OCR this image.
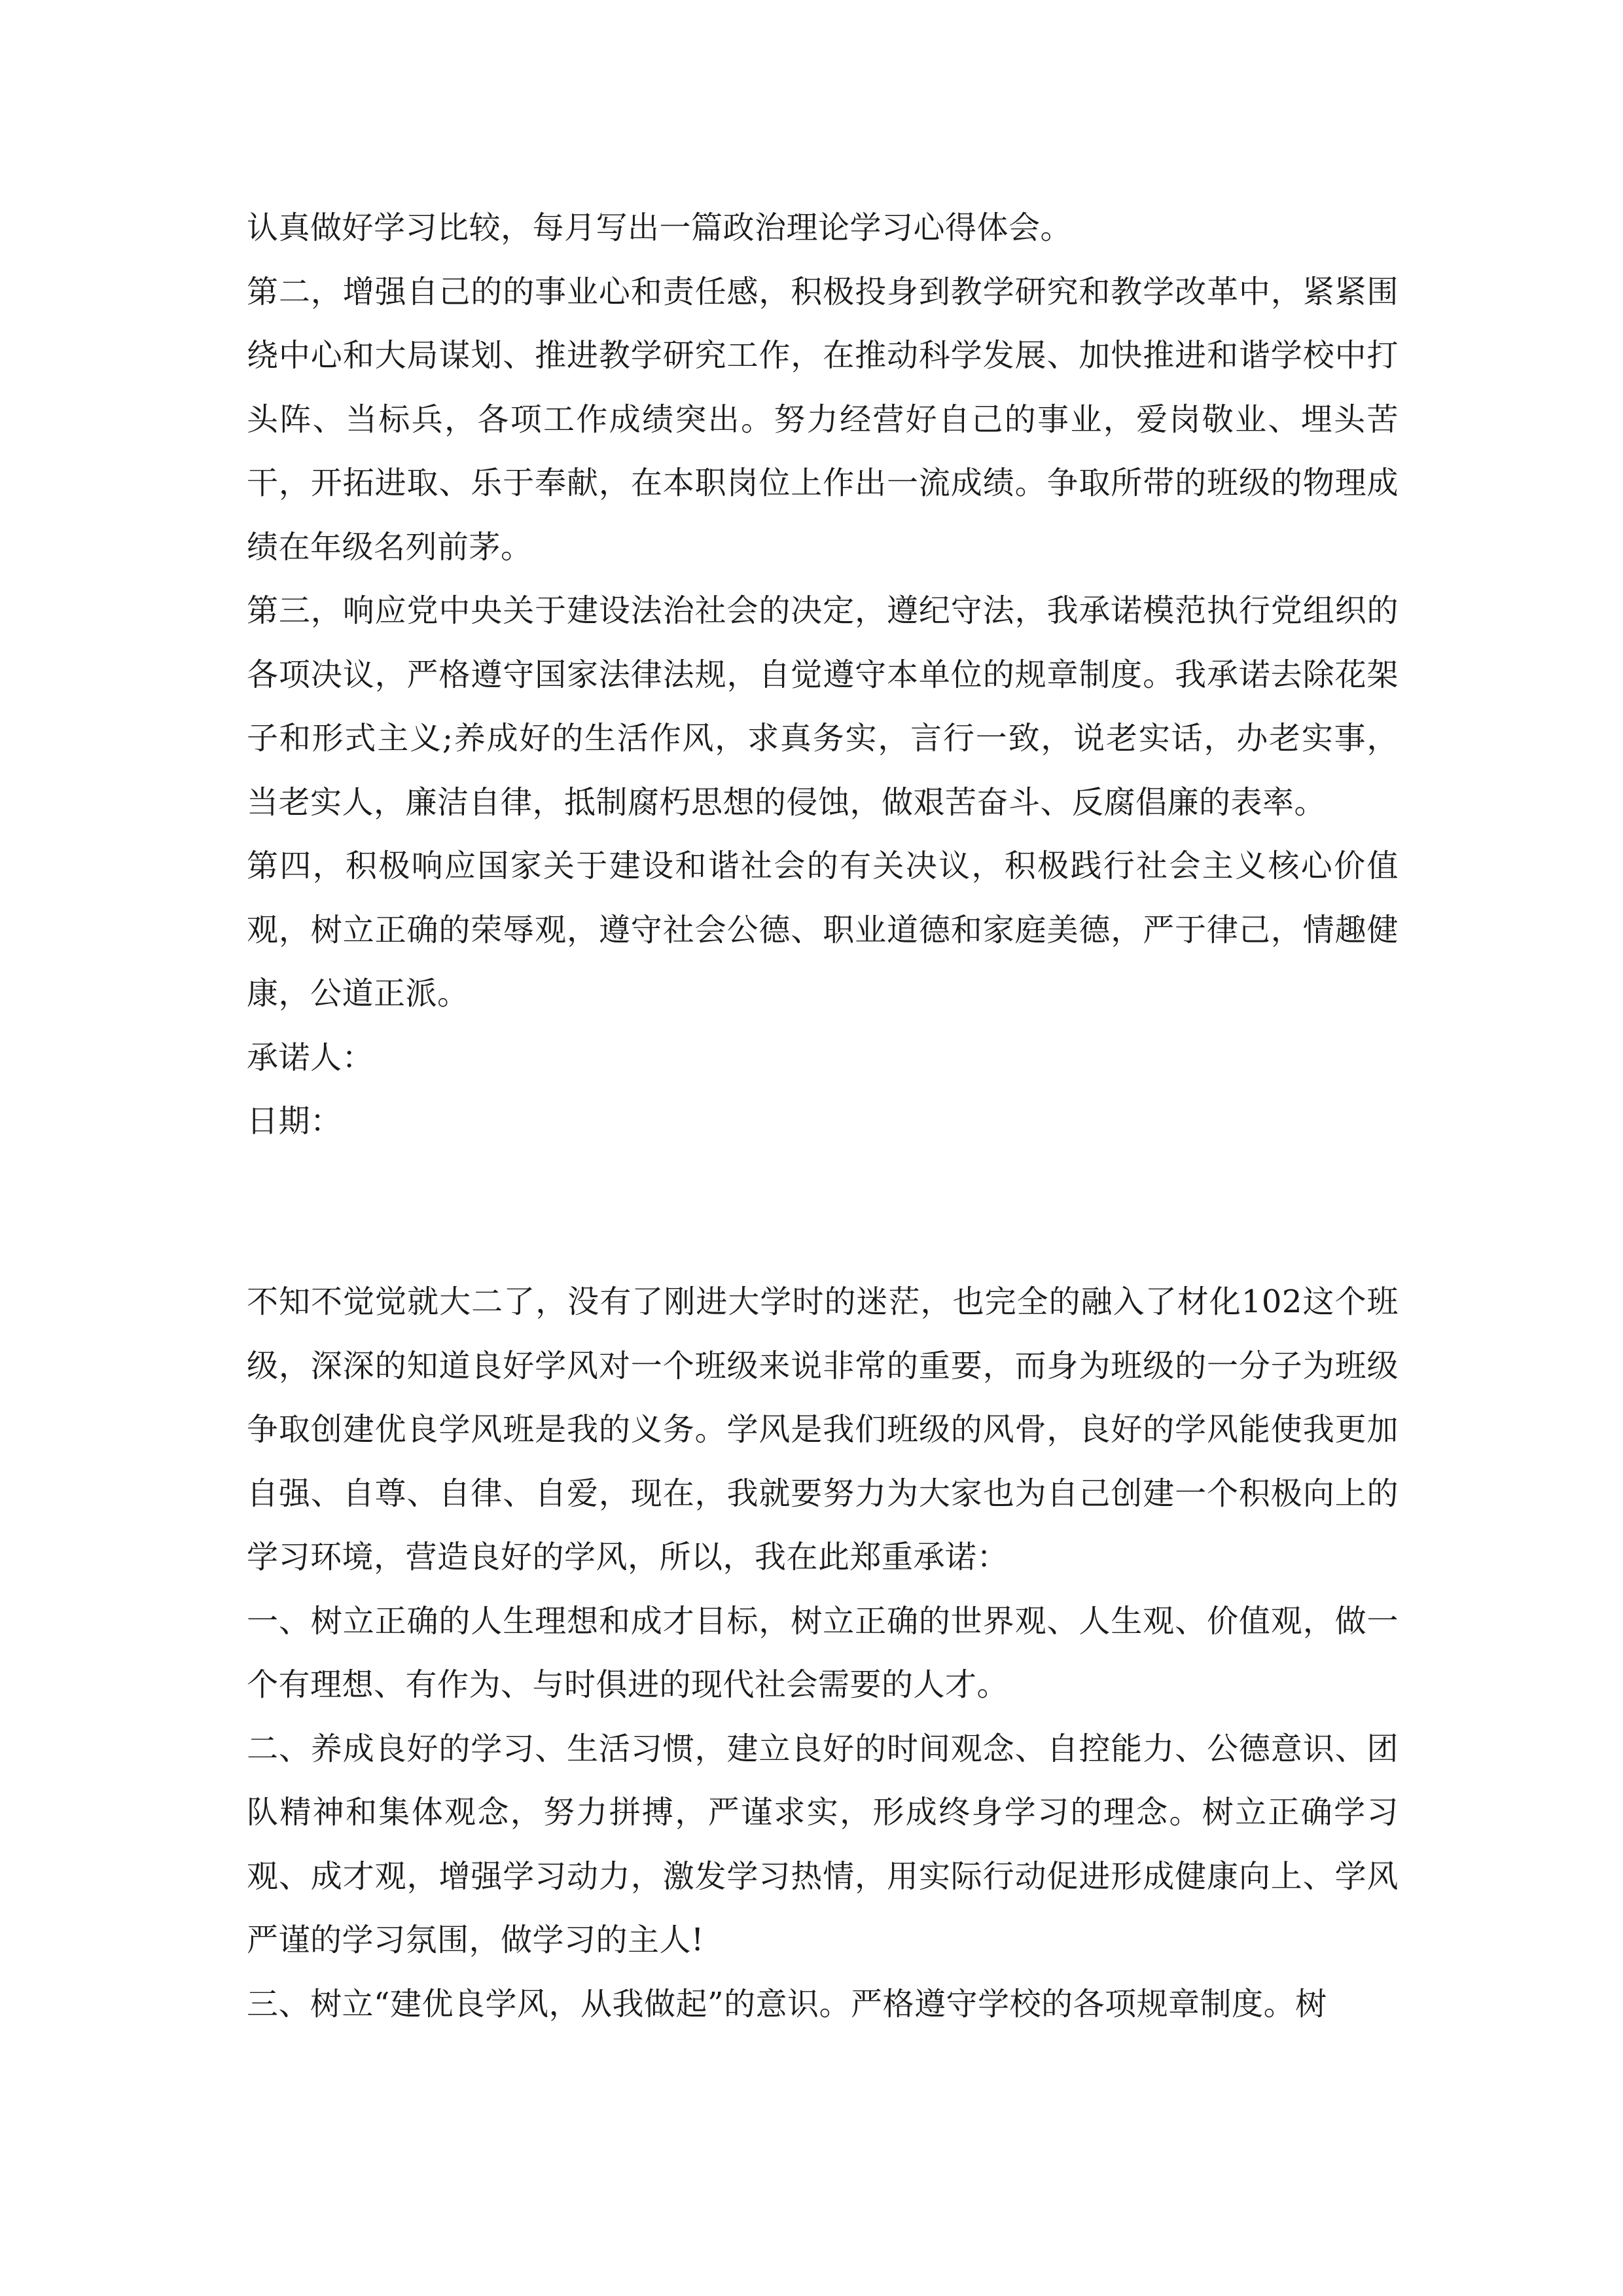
认真做好学习比较，每月写出一篇政治理论学习心得体会。

第二，增强自己的的事业心和责任感，积极投身到教学研究和教学改革中，紧紧围绕中心和大局谋划、推进教学研究工作，在推动科学发展、加快推进和谐学校中打头阵、当标兵，各项工作成绩突出。努力经营好自己的事业，爱岗敬业、埋头苦干，开拓进取、乐于奉献，在本职岗位上作出一流成绩。争取所带的班级的物理成绩在年级名列前茅。

第三，响应党中央关于建设法治社会的决定，遵纪守法，我承诺模范执行党组织的各项决议，严格遵守国家法律法规，自觉遵守本单位的规章制度。我承诺去除花架子和形式主义;养成好的生活作风，求真务实，言行一致，说老实话，办老实事，当老实人，廉洁自律，抵制腐朽思想的侵蚀，做艰苦奋斗、反腐倡廉的表率。

第四，积极响应国家关于建设和谐社会的有关决议，积极践行社会主义核心价值观，树立正确的荣辱观，遵守社会公德、职业道德和家庭美德，严于律己，情趣健康，公道正派。

承诺人：

日期：

不知不觉觉就大二了，没有了刚进大学时的迷茫，也完全的融入了材化102这个班级，深深的知道良好学风对一个班级来说非常的重要，而身为班级的一分子为班级争取创建优良学风班是我的义务。学风是我们班级的风骨，良好的学风能使我更加自强、自尊、自律、自爱，现在，我就要努力为大家也为自己创建一个积极向上的学习环境，营造良好的学风，所以，我在此郑重承诺：

一、树立正确的人生理想和成才目标，树立正确的世界观、人生观、价值观，做一个有理想、有作为、与时俱进的现代社会需要的人才。

二、养成良好的学习、生活习惯，建立良好的时间观念、自控能力、公德意识、团队精神和集体观念，努力拼搏，严谨求实，形成终身学习的理念。树立正确学习观、成才观，增强学习动力，激发学习热情，用实际行动促进形成健康向上、学风严谨的学习氛围，做学习的主人!

三、树立“建优良学风，从我做起”的意识。严格遵守学校的各项规章制度。树
